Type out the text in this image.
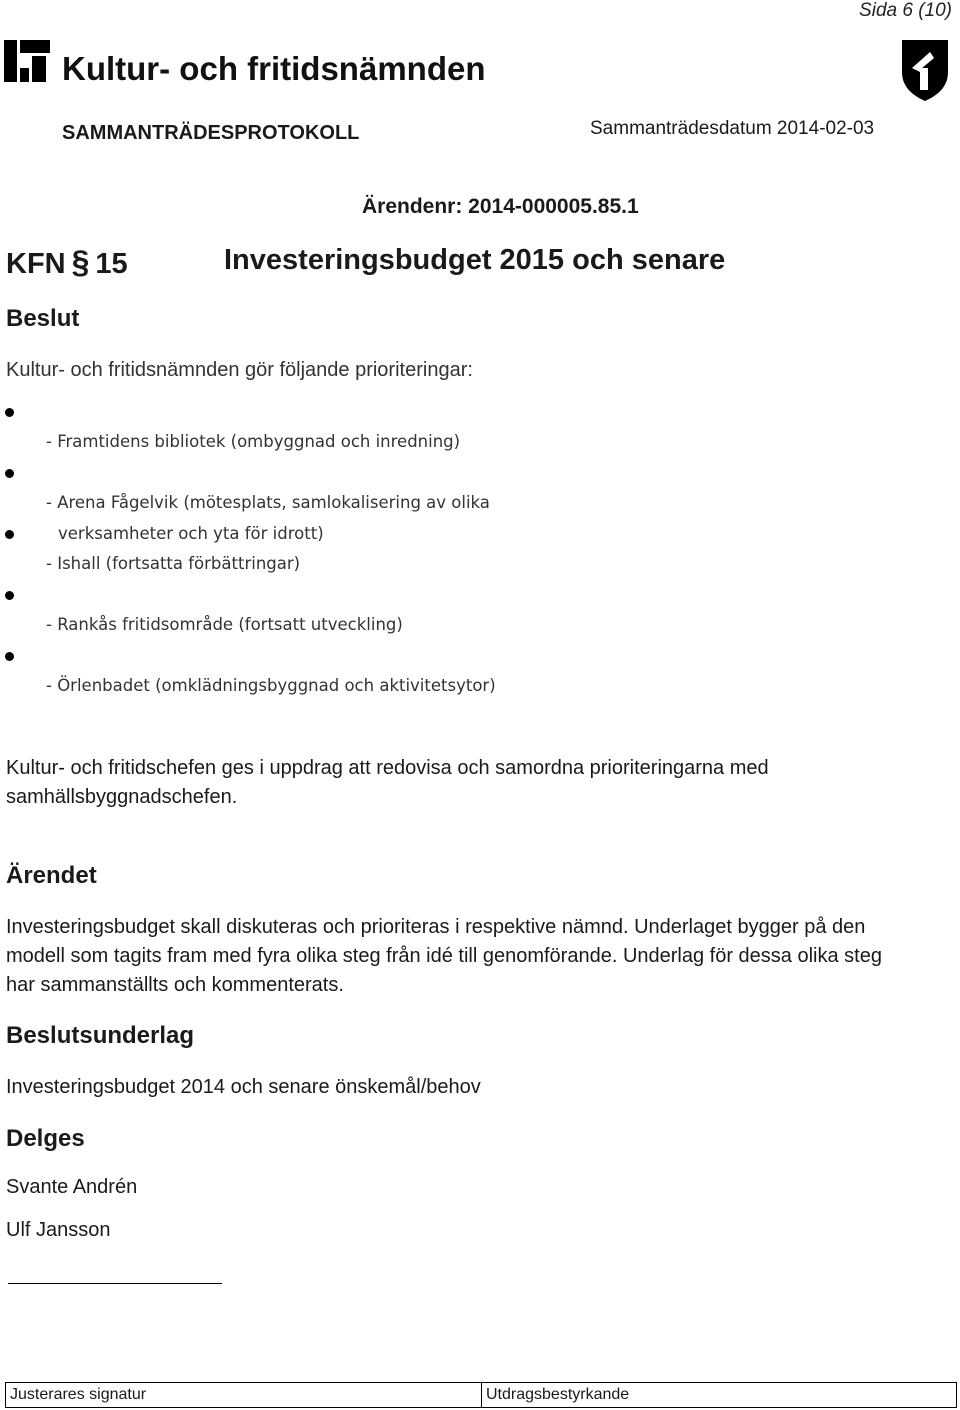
Sida 6 (10)
Kultur- och fritidsnämnden
SAMMANTRÄDESPROTOKOLL	Sammanträdesdatum 2014-02-03
Ärendenr: 2014-000005.85.1
KFN § 15	Investeringsbudget 2015 och senare
Beslut
Kultur- och fritidsnämnden gör följande prioriteringar:
- Framtidens bibliotek (ombyggnad och inredning)
- Arena Fågelvik (mötesplats, samlokalisering av olika
verksamheter och yta för idrott)
- Ishall (fortsatta förbättringar)
- Rankås fritidsområde (fortsatt utveckling)
- Örlenbadet (omklädningsbyggnad och aktivitetsytor)
Kultur- och fritidschefen ges i uppdrag att redovisa och samordna prioriteringarna med samhällsbyggnadschefen.
Ärendet
Investeringsbudget skall diskuteras och prioriteras i respektive nämnd. Underlaget bygger på den modell som tagits fram med fyra olika steg från idé till genomförande. Underlag för dessa olika steg har sammanställts och kommenterats.
Beslutsunderlag
Investeringsbudget 2014 och senare önskemål/behov
Delges
Svante Andrén
Ulf Jansson
Justerares signatur	Utdragsbestyrkande
